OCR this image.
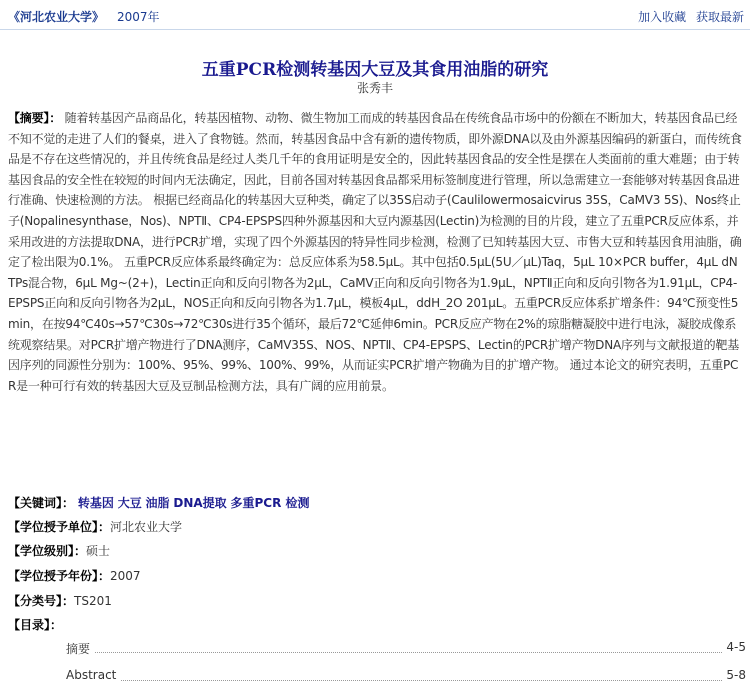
《河北农业大学》 2007年	加入收藏 获取最新
五重PCR检测转基因大豆及其食用油脂的研究
张秀丰
【摘要】： 随着转基因产品商品化，转基因植物、动物、微生物加工而成的转基因食品在传统食品市场中的份额在不断加大，转基因食品已经不知不觉的走进了人们的餐桌，进入了食物链。然而，转基因食品中含有新的遗传物质，即外源DNA以及由外源基因编码的新蛋白，而传统食品是不存在这些情况的，并且传统食品是经过人类几千年的食用证明是安全的，因此转基因食品的安全性是摆在人类面前的重大难题；由于转基因食品的安全性在较短的时间内无法确定，因此，目前各国对转基因食品都采用标签制度进行管理，所以急需建立一套能够对转基因食品进行准确、快速检测的方法。 根据已经商品化的转基因大豆种类，确定了以35S启动子(Caulilowermosaicvirus 35S，CaMV3 5S)、Nos终止子(Nopalinesynthase，Nos)、NPTⅡ、CP4-EPSPS四种外源基因和大豆内源基因(Lectin)为检测的目的片段，建立了五重PCR反应体系，并采用改进的方法提取DNA，进行PCR扩增，实现了四个外源基因的特异性同步检测，检测了已知转基因大豆、市售大豆和转基因食用油脂，确定了检出限为0.1%。 五重PCR反应体系最终确定为：总反应体系为58.5μL。其中包括0.5μL(5U／μL)Taq，5μL 10×PCR buffer，4μL dNTPs混合物，6μL Mg~(2+)，Lectin正向和反向引物各为2μL，CaMV正向和反向引物各为1.9μL，NPTⅡ正向和反向引物各为1.91μL，CP4-EPSPS正向和反向引物各为2μL，NOS正向和反向引物各为1.7μL，模板4μL，ddH_2O 201μL。五重PCR反应体系扩增条件：94℃预变性5min，在按94℃40s→57℃30s→72℃30s进行35个循环，最后72℃延伸6min。PCR反应产物在2%的琼脂糖凝胶中进行电泳，凝胶成像系统观察结果。对PCR扩增产物进行了DNA测序，CaMV35S、NOS、NPTⅡ、CP4-EPSPS、Lectin的PCR扩增产物DNA序列与文献报道的靶基因序列的同源性分别为：100%、95%、99%、100%、99%，从而证实PCR扩增产物确为目的扩增产物。 通过本论文的研究表明，五重PCR是一种可行有效的转基因大豆及豆制品检测方法，具有广阔的应用前景。
【关键词】： 转基因 大豆 油脂 DNA提取 多重PCR 检测
【学位授予单位】：河北农业大学
【学位级别】：硕士
【学位授予年份】：2007
【分类号】：TS201
【目录】：
摘要	4-5
Abstract	5-8
